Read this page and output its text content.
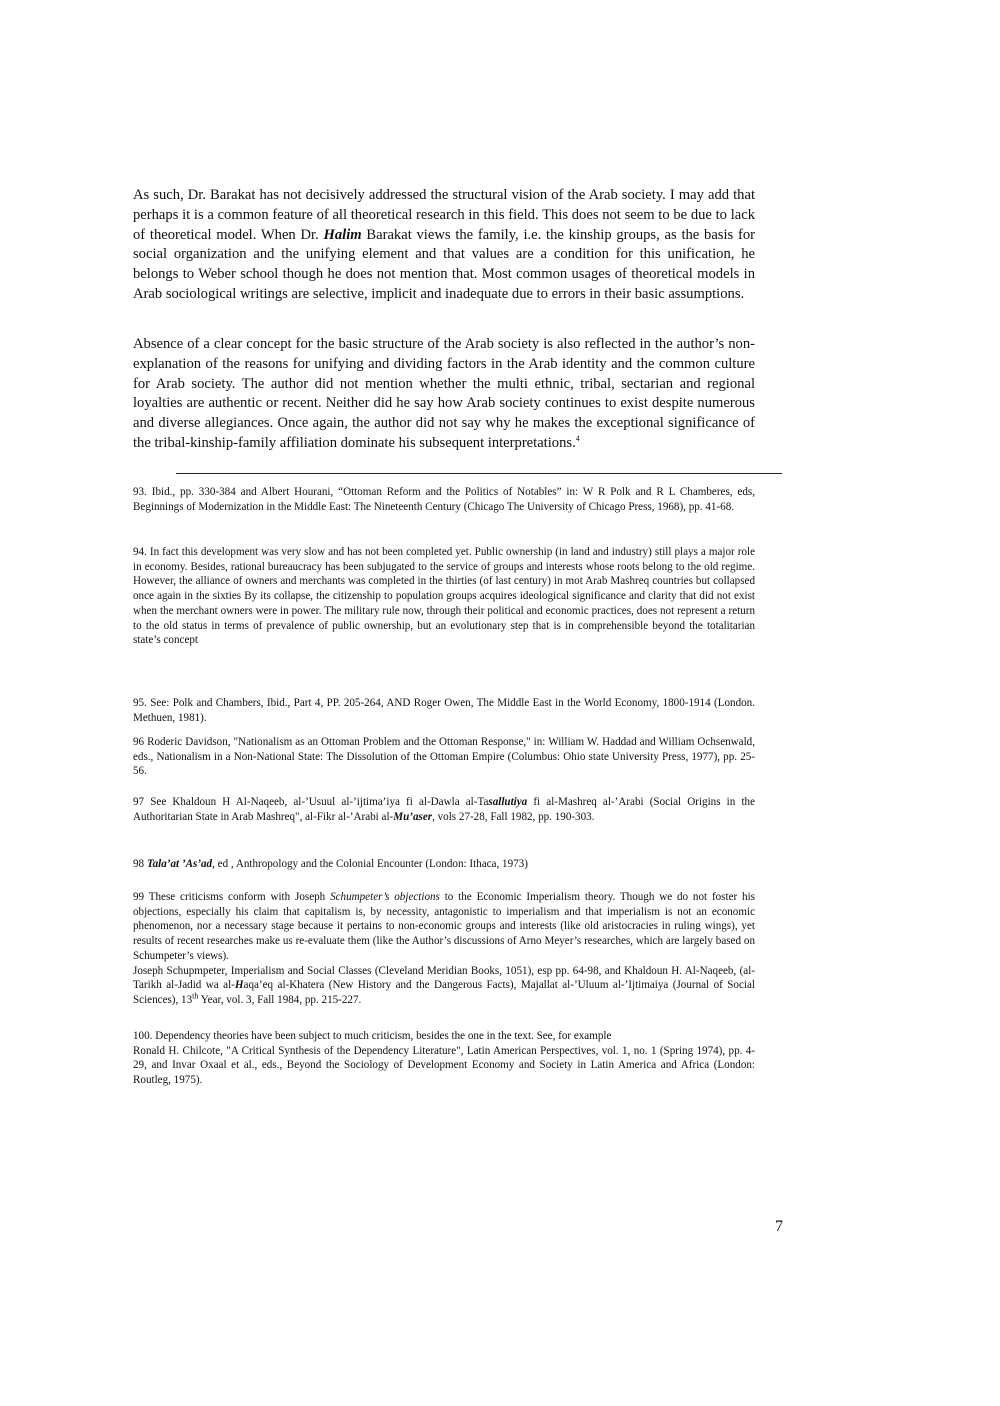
As such, Dr. Barakat has not decisively addressed the structural vision of the Arab society. I may add that perhaps it is a common feature of all theoretical research in this field. This does not seem to be due to lack of theoretical model. When Dr. Halim Barakat views the family, i.e. the kinship groups, as the basis for social organization and the unifying element and that values are a condition for this unification, he belongs to Weber school though he does not mention that. Most common usages of theoretical models in Arab sociological writings are selective, implicit and inadequate due to errors in their basic assumptions.

Absence of a clear concept for the basic structure of the Arab society is also reflected in the author’s non-explanation of the reasons for unifying and dividing factors in the Arab identity and the common culture for Arab society. The author did not mention whether the multi ethnic, tribal, sectarian and regional loyalties are authentic or recent. Neither did he say how Arab society continues to exist despite numerous and diverse allegiances. Once again, the author did not say why he makes the exceptional significance of the tribal-kinship-family affiliation dominate his subsequent interpretations.$^4$

93. Ibid., pp. 330-384 and Albert Hourani, “Ottoman Reform and the Politics of Notables” in: W R Polk and R L Chamberes, eds, Beginnings of Modernization in the Middle East: The Nineteenth Century (Chicago The University of Chicago Press, 1968), pp. 41-68.

94. In fact this development was very slow and has not been completed yet. Public ownership (in land and industry) still plays a major role in economy. Besides, rational bureaucracy has been subjugated to the service of groups and interests whose roots belong to the old regime. However, the alliance of owners and merchants was completed in the thirties (of last century) in mot Arab Mashreq countries but collapsed once again in the sixties By its collapse, the citizenship to population groups acquires ideological significance and clarity that did not exist when the merchant owners were in power. The military rule now, through their political and economic practices, does not represent a return to the old status in terms of prevalence of public ownership, but an evolutionary step that is in comprehensible beyond the totalitarian state’s concept

95. See: Polk and Chambers, Ibid., Part 4, PP. 205-264, AND Roger Owen, The Middle East in the World Economy, 1800-1914 (London. Methuen, 1981).

96 Roderic Davidson, "Nationalism as an Ottoman Problem and the Ottoman Response," in: William W. Haddad and William Ochsenwald, eds., Nationalism in a Non-National State: The Dissolution of the Ottoman Empire (Columbus: Ohio state University Press, 1977), pp. 25-56.

97 See Khaldoun H Al-Naqeeb, al-’Usuul al-’ijtima’iya fi al-Dawla al-Tasallutiya fi al-Mashreq al-’Arabi (Social Origins in the Authoritarian State in Arab Mashreq", al-Fikr al-’Arabi al-Mu’aser, vols 27-28, Fall 1982, pp. 190-303.

98 Tala’at ’As’ad, ed , Anthropology and the Colonial Encounter (London: Ithaca, 1973)

99 These criticisms conform with Joseph Schumpeter’s objections to the Economic Imperialism theory. Though we do not foster his objections, especially his claim that capitalism is, by necessity, antagonistic to imperialism and that imperialism is not an economic phenomenon, nor a necessary stage because it pertains to non-economic groups and interests (like old aristocracies in ruling wings), yet results of recent researches make us re-evaluate them (like the Author’s discussions of Arno Meyer’s researches, which are largely based on Schumpeter’s views).
Joseph Schupmpeter, Imperialism and Social Classes (Cleveland Meridian Books, 1051), esp pp. 64-98, and Khaldoun H. Al-Naqeeb, (al-Tarikh al-Jadid wa al-Haqa’eq al-Khatera (New History and the Dangerous Facts), Majallat al-’Uluum al-’Ijtimaiya (Journal of Social Sciences), 13th Year, vol. 3, Fall 1984, pp. 215-227.

100. Dependency theories have been subject to much criticism, besides the one in the text. See, for example
Ronald H. Chilcote, "A Critical Synthesis of the Dependency Literature", Latin American Perspectives, vol. 1, no. 1 (Spring 1974), pp. 4-29, and Invar Oxaal et al., eds., Beyond the Sociology of Development Economy and Society in Latin America and Africa (London: Routleg, 1975).

7
